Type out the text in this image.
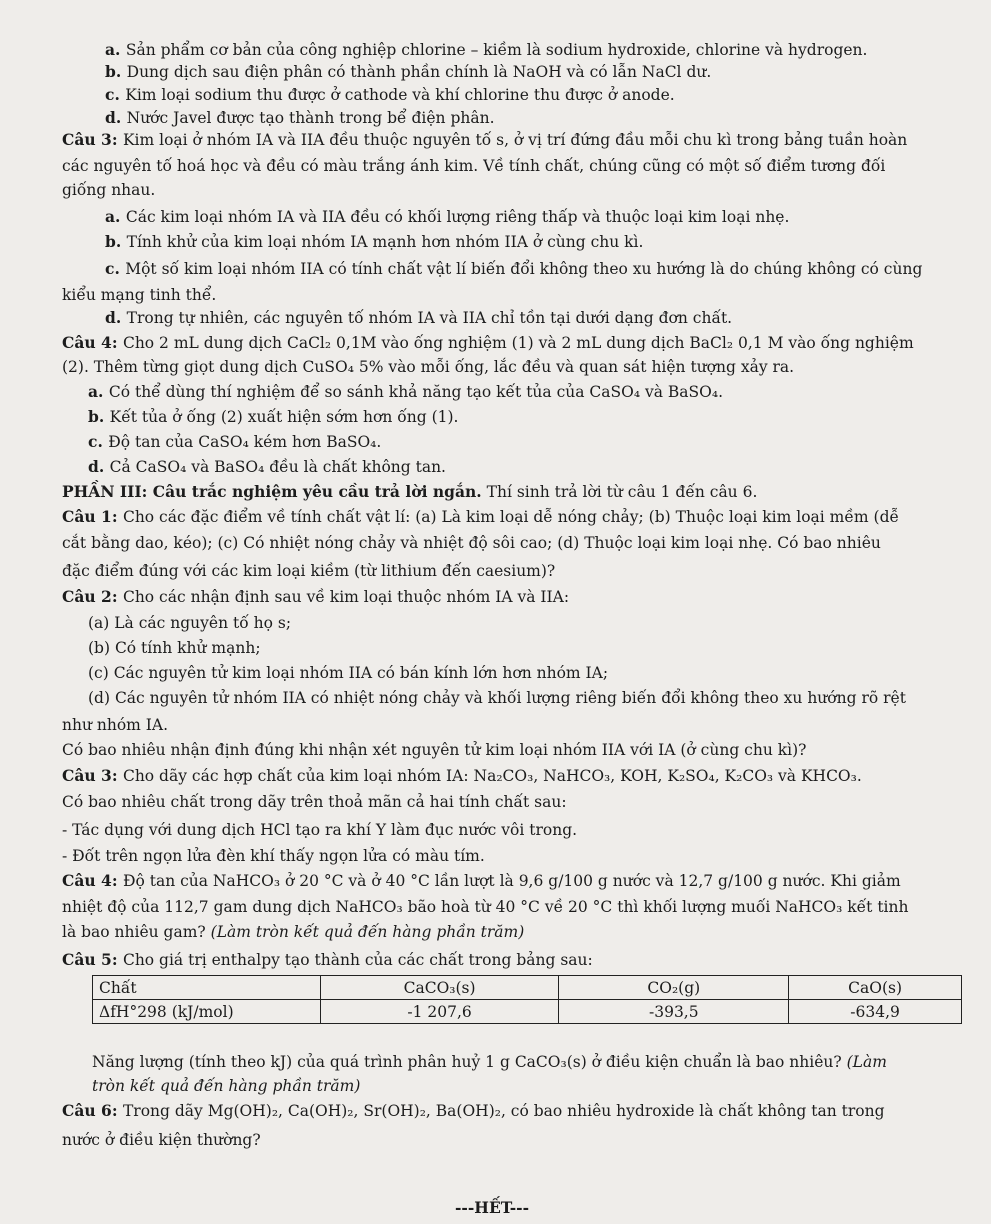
a. Sản phẩm cơ bản của công nghiệp chlorine – kiềm là sodium hydroxide, chlorine và hydrogen.
b. Dung dịch sau điện phân có thành phần chính là NaOH và có lẫn NaCl dư.
c. Kim loại sodium thu được ở cathode và khí chlorine thu được ở anode.
d. Nước Javel được tạo thành trong bể điện phân.
Câu 3: Kim loại ở nhóm IA và IIA đều thuộc nguyên tố s, ở vị trí đứng đầu mỗi chu kì trong bảng tuần hoàn
các nguyên tố hoá học và đều có màu trắng ánh kim. Về tính chất, chúng cũng có một số điểm tương đối
giống nhau.
a. Các kim loại nhóm IA và IIA đều có khối lượng riêng thấp và thuộc loại kim loại nhẹ.
b. Tính khử của kim loại nhóm IA mạnh hơn nhóm IIA ở cùng chu kì.
c. Một số kim loại nhóm IIA có tính chất vật lí biến đổi không theo xu hướng là do chúng không có cùng
kiểu mạng tinh thể.
d. Trong tự nhiên, các nguyên tố nhóm IA và IIA chỉ tồn tại dưới dạng đơn chất.
Câu 4: Cho 2 mL dung dịch CaCl₂ 0,1M vào ống nghiệm (1) và 2 mL dung dịch BaCl₂ 0,1 M vào ống nghiệm
(2). Thêm từng giọt dung dịch CuSO₄ 5% vào mỗi ống, lắc đều và quan sát hiện tượng xảy ra.
a. Có thể dùng thí nghiệm để so sánh khả năng tạo kết tủa của CaSO₄ và BaSO₄.
b. Kết tủa ở ống (2) xuất hiện sớm hơn ống (1).
c. Độ tan của CaSO₄ kém hơn BaSO₄.
d. Cả CaSO₄ và BaSO₄ đều là chất không tan.
PHẦN III: Câu trắc nghiệm yêu cầu trả lời ngắn. Thí sinh trả lời từ câu 1 đến câu 6.
Câu 1: Cho các đặc điểm về tính chất vật lí: (a) Là kim loại dễ nóng chảy; (b) Thuộc loại kim loại mềm (dễ
cắt bằng dao, kéo); (c) Có nhiệt nóng chảy và nhiệt độ sôi cao; (d) Thuộc loại kim loại nhẹ. Có bao nhiêu
đặc điểm đúng với các kim loại kiềm (từ lithium đến caesium)?
Câu 2: Cho các nhận định sau về kim loại thuộc nhóm IA và IIA:
(a) Là các nguyên tố họ s;
(b) Có tính khử mạnh;
(c) Các nguyên tử kim loại nhóm IIA có bán kính lớn hơn nhóm IA;
(d) Các nguyên tử nhóm IIA có nhiệt nóng chảy và khối lượng riêng biến đổi không theo xu hướng rõ rệt
như nhóm IA.
Có bao nhiêu nhận định đúng khi nhận xét nguyên tử kim loại nhóm IIA với IA (ở cùng chu kì)?
Câu 3: Cho dãy các hợp chất của kim loại nhóm IA: Na₂CO₃, NaHCO₃, KOH, K₂SO₄, K₂CO₃ và KHCO₃.
Có bao nhiêu chất trong dãy trên thoả mãn cả hai tính chất sau:
- Tác dụng với dung dịch HCl tạo ra khí Y làm đục nước vôi trong.
- Đốt trên ngọn lửa đèn khí thấy ngọn lửa có màu tím.
Câu 4: Độ tan của NaHCO₃ ở 20 °C và ở 40 °C lần lượt là 9,6 g/100 g nước và 12,7 g/100 g nước. Khi giảm
nhiệt độ của 112,7 gam dung dịch NaHCO₃ bão hoà từ 40 °C về 20 °C thì khối lượng muối NaHCO₃ kết tinh
là bao nhiêu gam? (Làm tròn kết quả đến hàng phần trăm)
Câu 5: Cho giá trị enthalpy tạo thành của các chất trong bảng sau:
Năng lượng (tính theo kJ) của quá trình phân huỷ 1 g CaCO₃(s) ở điều kiện chuẩn là bao nhiêu? (Làm
tròn kết quả đến hàng phần trăm)
Câu 6: Trong dãy Mg(OH)₂, Ca(OH)₂, Sr(OH)₂, Ba(OH)₂, có bao nhiêu hydroxide là chất không tan trong
nước ở điều kiện thường?
Chất	CaCO₃(s)	CO₂(g)	CaO(s)
ΔfH°298 (kJ/mol)	-1 207,6	-393,5	-634,9
---HẾT---
